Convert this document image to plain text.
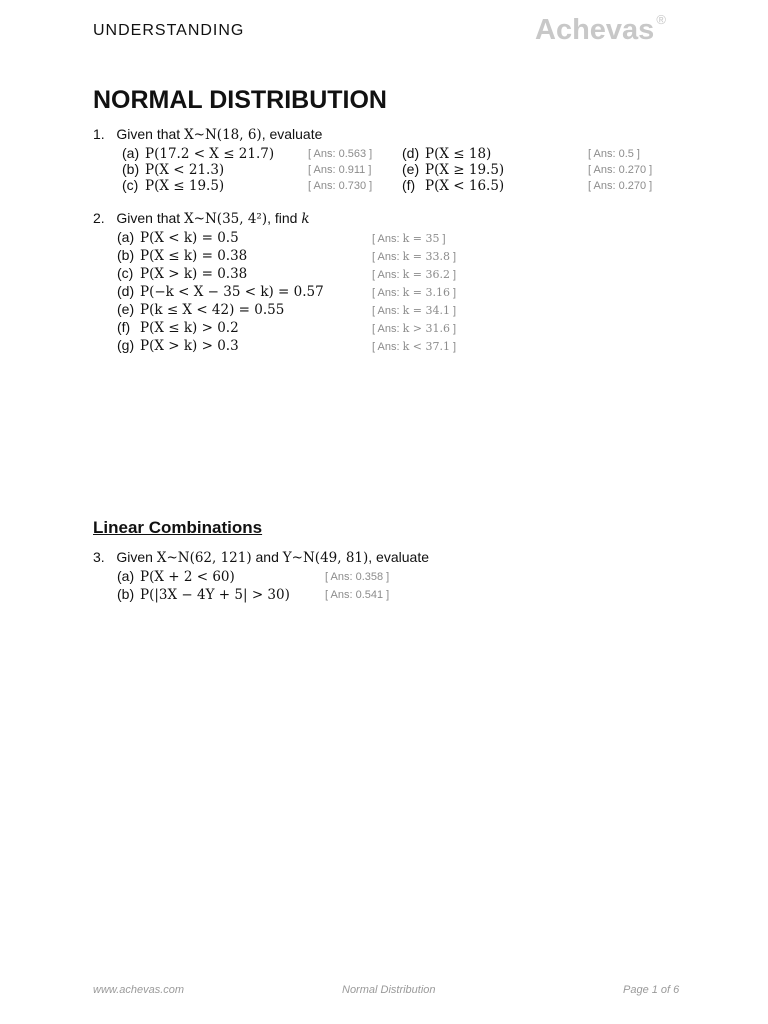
UNDERSTANDING	Achevas ®
NORMAL DISTRIBUTION
1. Given that X~N(18, 6), evaluate
(a) P(17.2 < X ≤ 21.7)	[ Ans: 0.563 ]
(b) P(X < 21.3)	[ Ans: 0.911 ]
(c) P(X ≤ 19.5)	[ Ans: 0.730 ]
(d) P(X ≤ 18)	[ Ans: 0.5 ]
(e) P(X ≥ 19.5)	[ Ans: 0.270 ]
(f) P(X < 16.5)	[ Ans: 0.270 ]
2. Given that X~N(35, 4²), find k
(a) P(X < k) = 0.5	[ Ans: k = 35 ]
(b) P(X ≤ k) = 0.38	[ Ans: k = 33.8 ]
(c) P(X > k) = 0.38	[ Ans: k = 36.2 ]
(d) P(−k < X − 35 < k) = 0.57	[ Ans: k = 3.16 ]
(e) P(k ≤ X < 42) = 0.55	[ Ans: k = 34.1 ]
(f) P(X ≤ k) > 0.2	[ Ans: k > 31.6 ]
(g) P(X > k) > 0.3	[ Ans: k < 37.1 ]
Linear Combinations
3. Given X~N(62, 121) and Y~N(49, 81), evaluate
(a) P(X + 2 < 60)	[ Ans: 0.358 ]
(b) P(|3X − 4Y + 5| > 30)	[ Ans: 0.541 ]
www.achevas.com	Normal Distribution	Page 1 of 6
